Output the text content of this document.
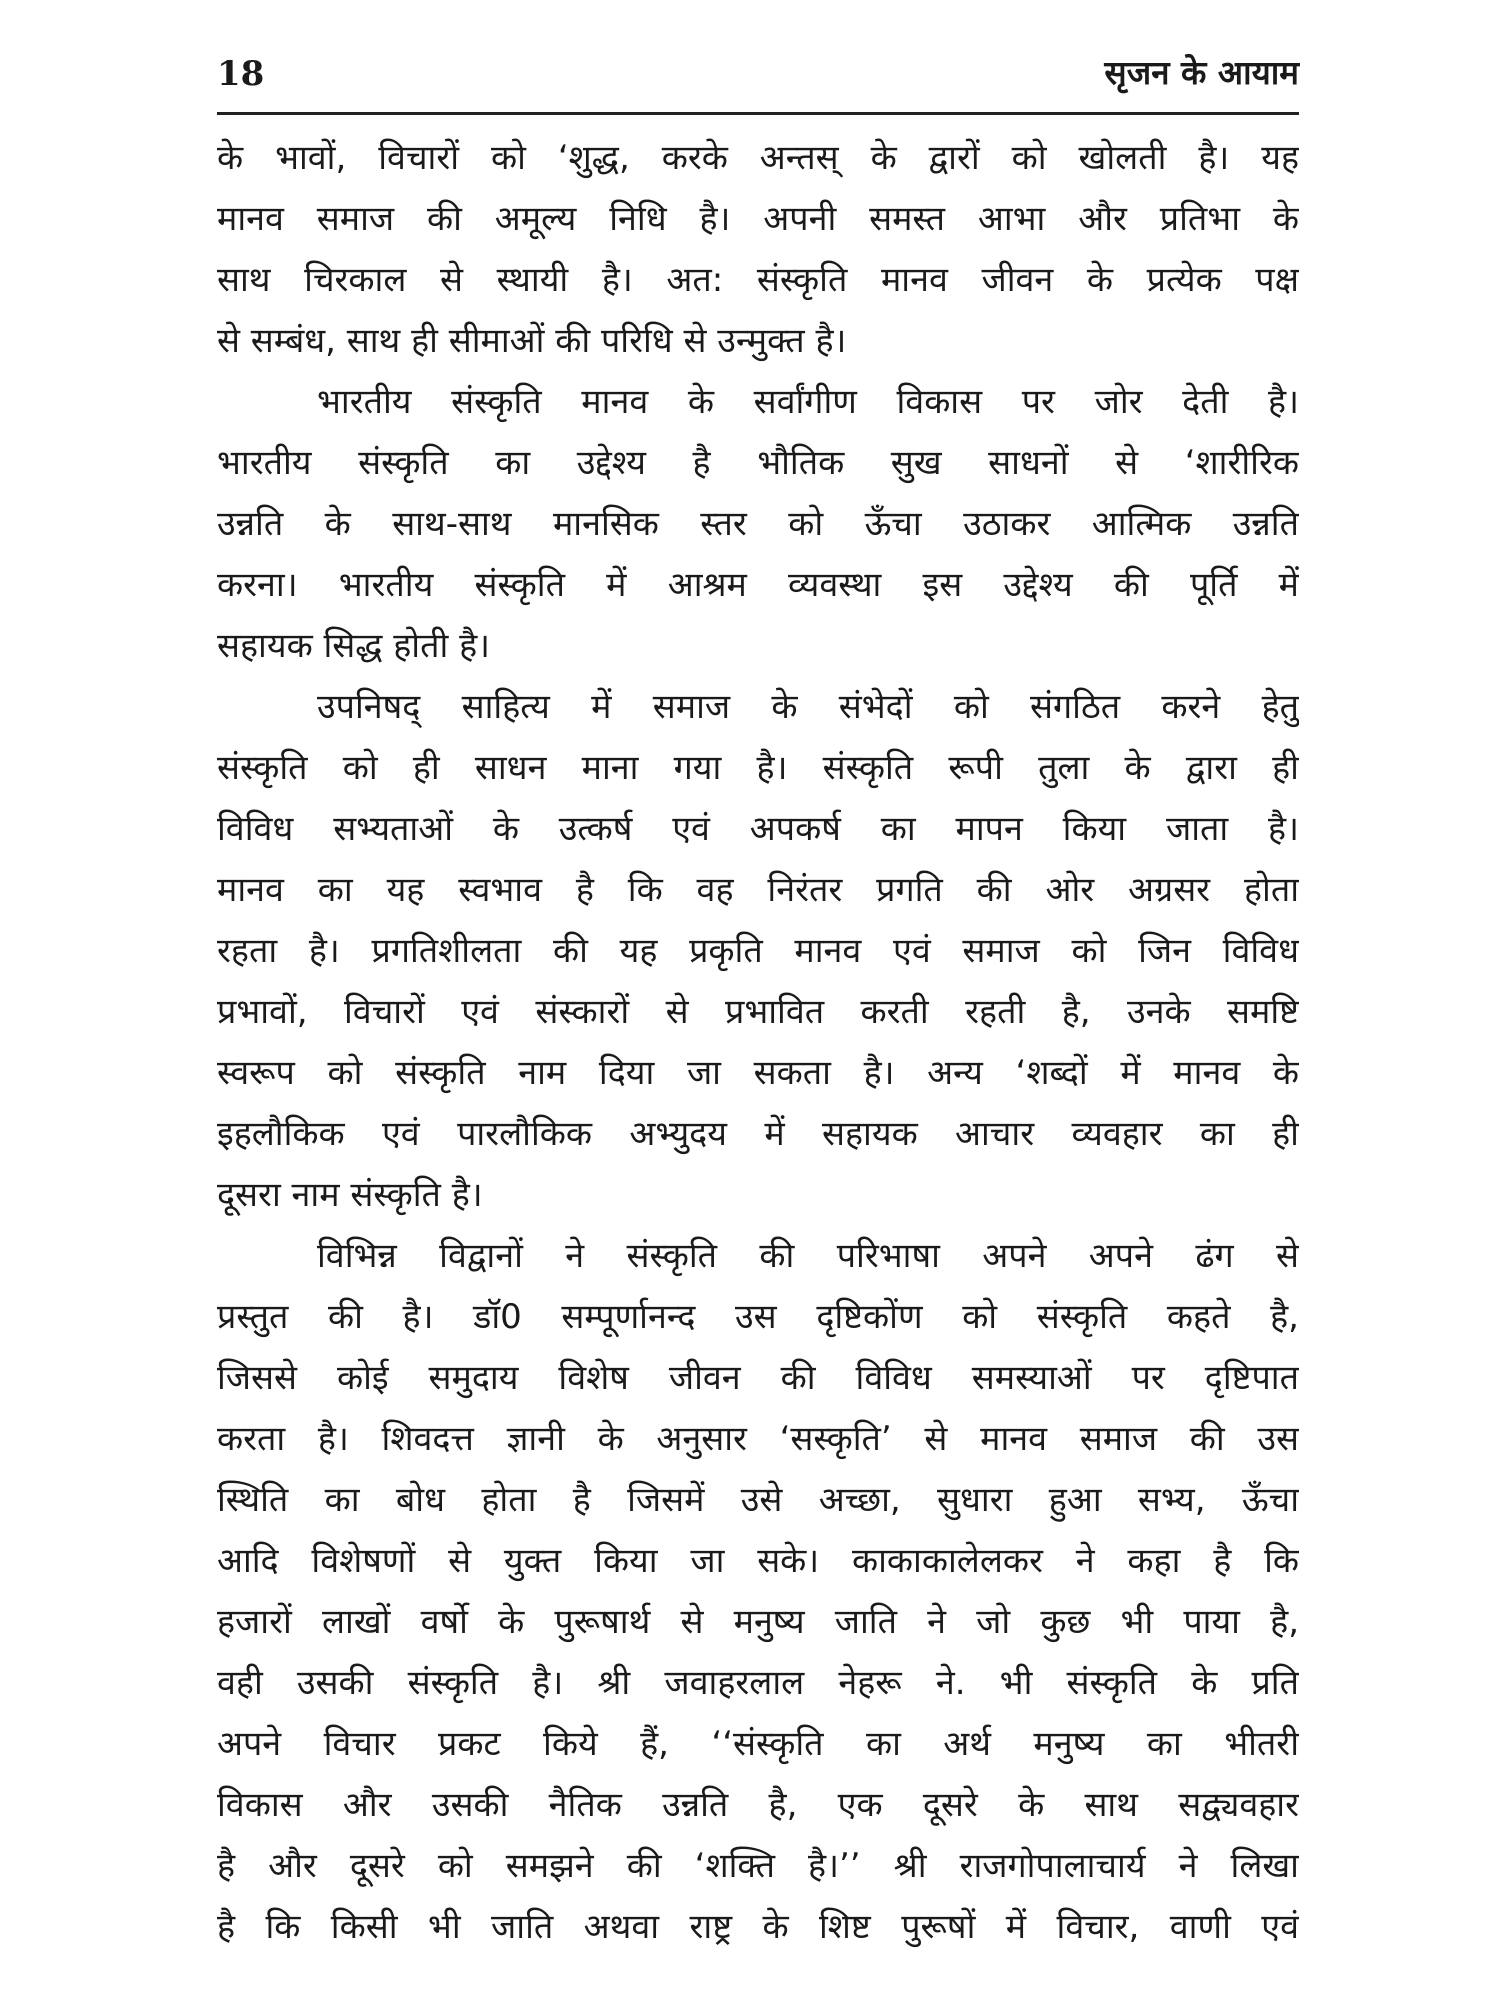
18	सृजन के आयाम
के भावों, विचारों को ‘शुद्ध, करके अन्तस् के द्वारों को खोलती है। यह
मानव समाज की अमूल्य निधि है। अपनी समस्त आभा और प्रतिभा के
साथ चिरकाल से स्थायी है। अत: संस्कृति मानव जीवन के प्रत्येक पक्ष
से सम्बंध, साथ ही सीमाओं की परिधि से उन्मुक्त है।
भारतीय संस्कृति मानव के सर्वांगीण विकास पर जोर देती है।
भारतीय संस्कृति का उद्देश्य है भौतिक सुख साधनों से ‘शारीरिक
उन्नति के साथ-साथ मानसिक स्तर को ऊँचा उठाकर आत्मिक उन्नति
करना। भारतीय संस्कृति में आश्रम व्यवस्था इस उद्देश्य की पूर्ति में
सहायक सिद्ध होती है।
उपनिषद् साहित्य में समाज के संभेदों को संगठित करने हेतु
संस्कृति को ही साधन माना गया है। संस्कृति रूपी तुला के द्वारा ही
विविध सभ्यताओं के उत्कर्ष एवं अपकर्ष का मापन किया जाता है।
मानव का यह स्वभाव है कि वह निरंतर प्रगति की ओर अग्रसर होता
रहता है। प्रगतिशीलता की यह प्रकृति मानव एवं समाज को जिन विविध
प्रभावों, विचारों एवं संस्कारों से प्रभावित करती रहती है, उनके समष्टि
स्वरूप को संस्कृति नाम दिया जा सकता है। अन्य ‘शब्दों में मानव के
इहलौकिक एवं पारलौकिक अभ्युदय में सहायक आचार व्यवहार का ही
दूसरा नाम संस्कृति है।
विभिन्न विद्वानों ने संस्कृति की परिभाषा अपने अपने ढंग से
प्रस्तुत की है। डॉ0 सम्पूर्णानन्द उस दृष्टिकोंण को संस्कृति कहते है,
जिससे कोई समुदाय विशेष जीवन की विविध समस्याओं पर दृष्टिपात
करता है। शिवदत्त ज्ञानी के अनुसार ‘सस्कृति’ से मानव समाज की उस
स्थिति का बोध होता है जिसमें उसे अच्छा, सुधारा हुआ सभ्य, ऊँचा
आदि विशेषणों से युक्त किया जा सके। काकाकालेलकर ने कहा है कि
हजारों लाखों वर्षो के पुरूषार्थ से मनुष्य जाति ने जो कुछ भी पाया है,
वही उसकी संस्कृति है। श्री जवाहरलाल नेहरू ने. भी संस्कृति के प्रति
अपने विचार प्रकट किये हैं, ‘‘संस्कृति का अर्थ मनुष्य का भीतरी
विकास और उसकी नैतिक उन्नति है, एक दूसरे के साथ सद्व्यवहार
है और दूसरे को समझने की ‘शक्ति है।’’ श्री राजगोपालाचार्य ने लिखा
है कि किसी भी जाति अथवा राष्ट्र के शिष्ट पुरूषों में विचार, वाणी एवं
